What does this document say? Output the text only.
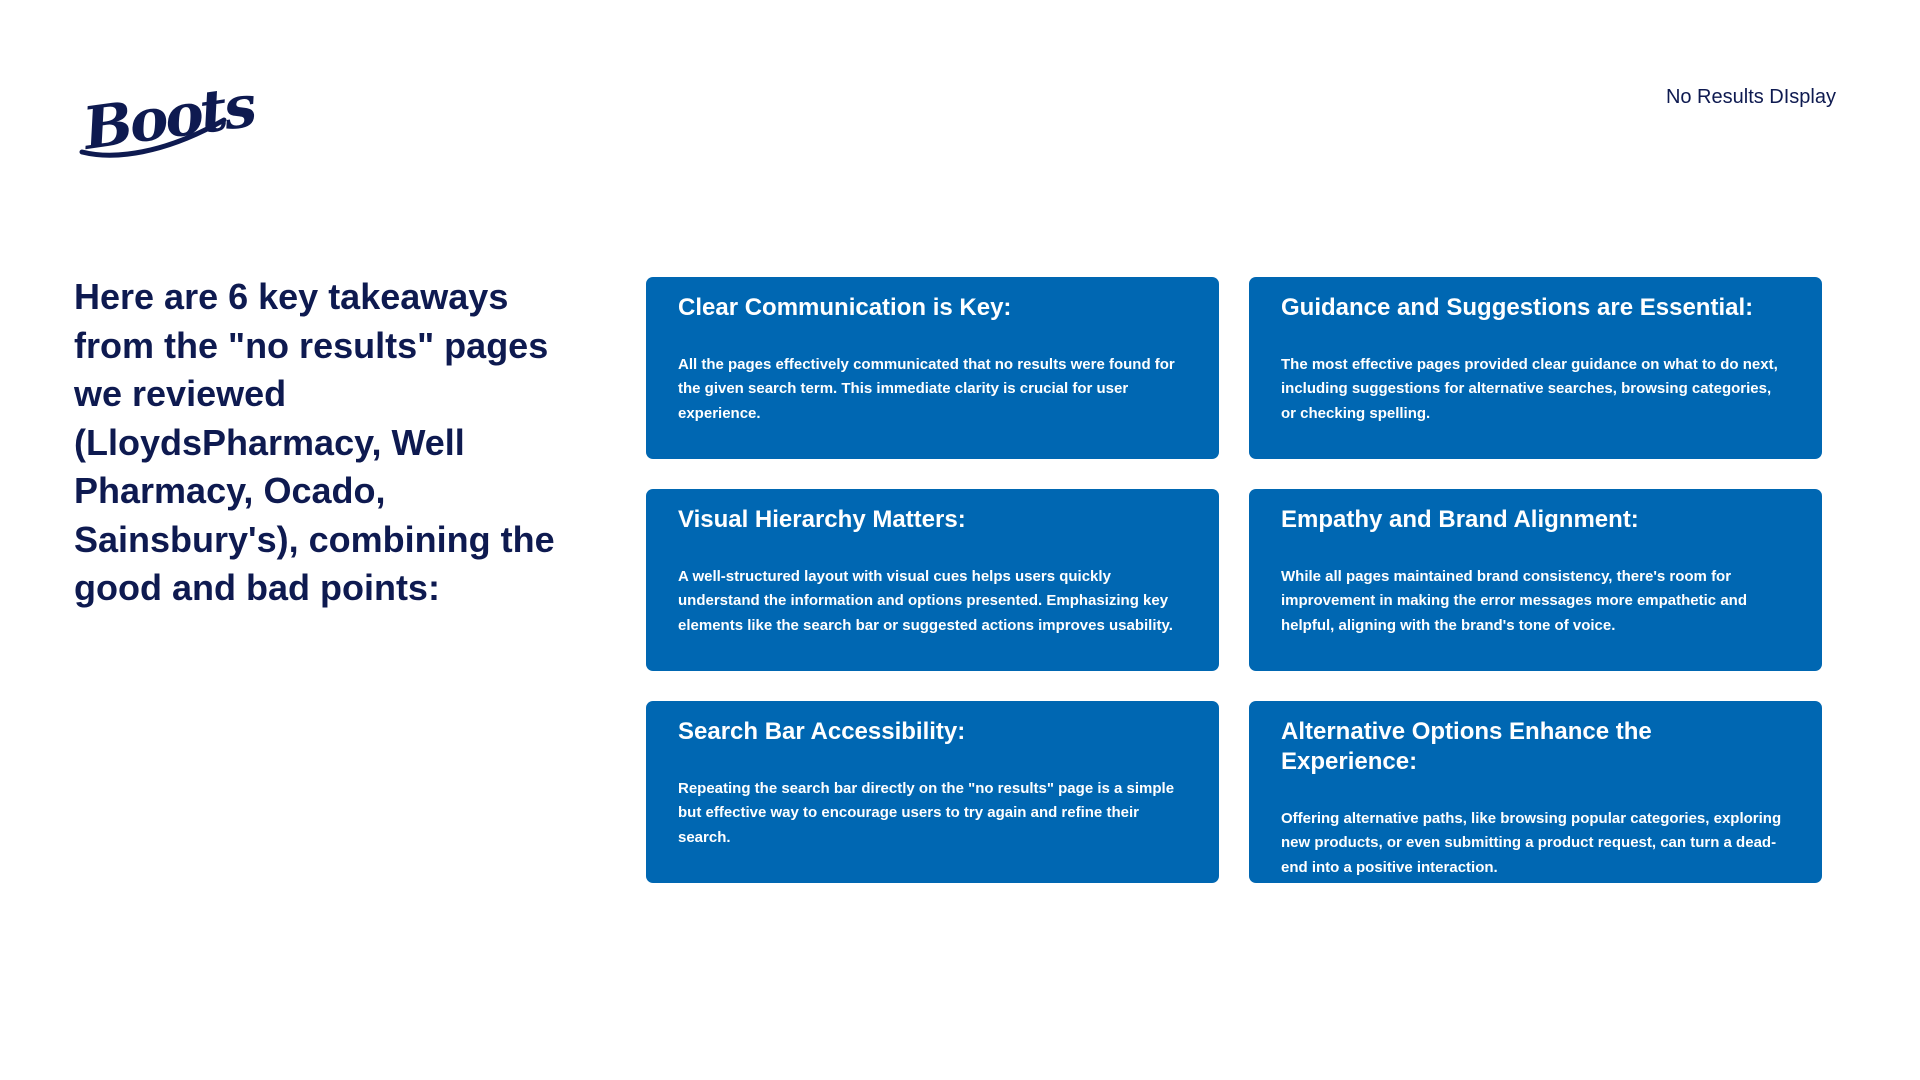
Boots	No Results DIsplay
Here are 6 key takeaways from the "no results" pages we reviewed (LloydsPharmacy, Well Pharmacy, Ocado, Sainsbury's), combining the good and bad points:
Clear Communication is Key:

All the pages effectively communicated that no results were found for the given search term. This immediate clarity is crucial for user experience.

Guidance and Suggestions are Essential:

The most effective pages provided clear guidance on what to do next, including suggestions for alternative searches, browsing categories, or checking spelling.

Visual Hierarchy Matters:

A well-structured layout with visual cues helps users quickly understand the information and options presented. Emphasizing key elements like the search bar or suggested actions improves usability.

Empathy and Brand Alignment:

While all pages maintained brand consistency, there's room for improvement in making the error messages more empathetic and helpful, aligning with the brand's tone of voice.

Search Bar Accessibility:

Repeating the search bar directly on the "no results" page is a simple but effective way to encourage users to try again and refine their search.

Alternative Options Enhance the Experience:

Offering alternative paths, like browsing popular categories, exploring new products, or even submitting a product request, can turn a dead-end into a positive interaction.
